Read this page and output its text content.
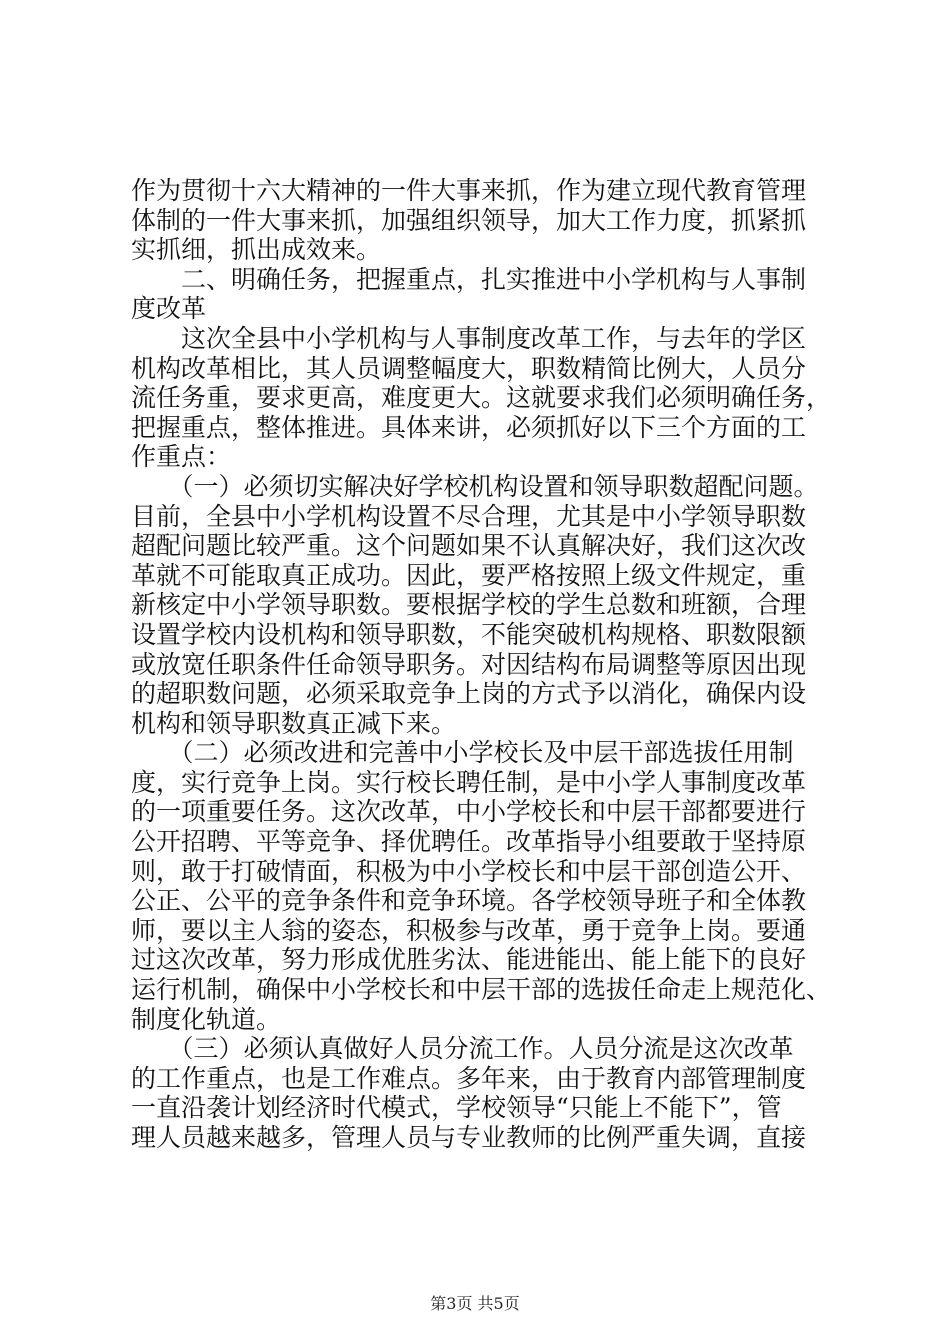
作为贯彻十六大精神的一件大事来抓，作为建立现代教育管理
体制的一件大事来抓，加强组织领导，加大工作力度，抓紧抓
实抓细，抓出成效来。
　　二、明确任务，把握重点，扎实推进中小学机构与人事制
度改革
　　这次全县中小学机构与人事制度改革工作，与去年的学区
机构改革相比，其人员调整幅度大，职数精简比例大，人员分
流任务重，要求更高，难度更大。这就要求我们必须明确任务，
把握重点，整体推进。具体来讲，必须抓好以下三个方面的工
作重点：
　　（一）必须切实解决好学校机构设置和领导职数超配问题。
目前，全县中小学机构设置不尽合理，尤其是中小学领导职数
超配问题比较严重。这个问题如果不认真解决好，我们这次改
革就不可能取真正成功。因此，要严格按照上级文件规定，重
新核定中小学领导职数。要根据学校的学生总数和班额，合理
设置学校内设机构和领导职数，不能突破机构规格、职数限额
或放宽任职条件任命领导职务。对因结构布局调整等原因出现
的超职数问题，必须采取竞争上岗的方式予以消化，确保内设
机构和领导职数真正减下来。
　　（二）必须改进和完善中小学校长及中层干部选拔任用制
度，实行竞争上岗。实行校长聘任制，是中小学人事制度改革
的一项重要任务。这次改革，中小学校长和中层干部都要进行
公开招聘、平等竞争、择优聘任。改革指导小组要敢于坚持原
则，敢于打破情面，积极为中小学校长和中层干部创造公开、
公正、公平的竞争条件和竞争环境。各学校领导班子和全体教
师，要以主人翁的姿态，积极参与改革，勇于竞争上岗。要通
过这次改革，努力形成优胜劣汰、能进能出、能上能下的良好
运行机制，确保中小学校长和中层干部的选拔任命走上规范化、
制度化轨道。
　　（三）必须认真做好人员分流工作。人员分流是这次改革
的工作重点，也是工作难点。多年来，由于教育内部管理制度
一直沿袭计划经济时代模式，学校领导“只能上不能下”，管
理人员越来越多，管理人员与专业教师的比例严重失调，直接
第3页 共5页
